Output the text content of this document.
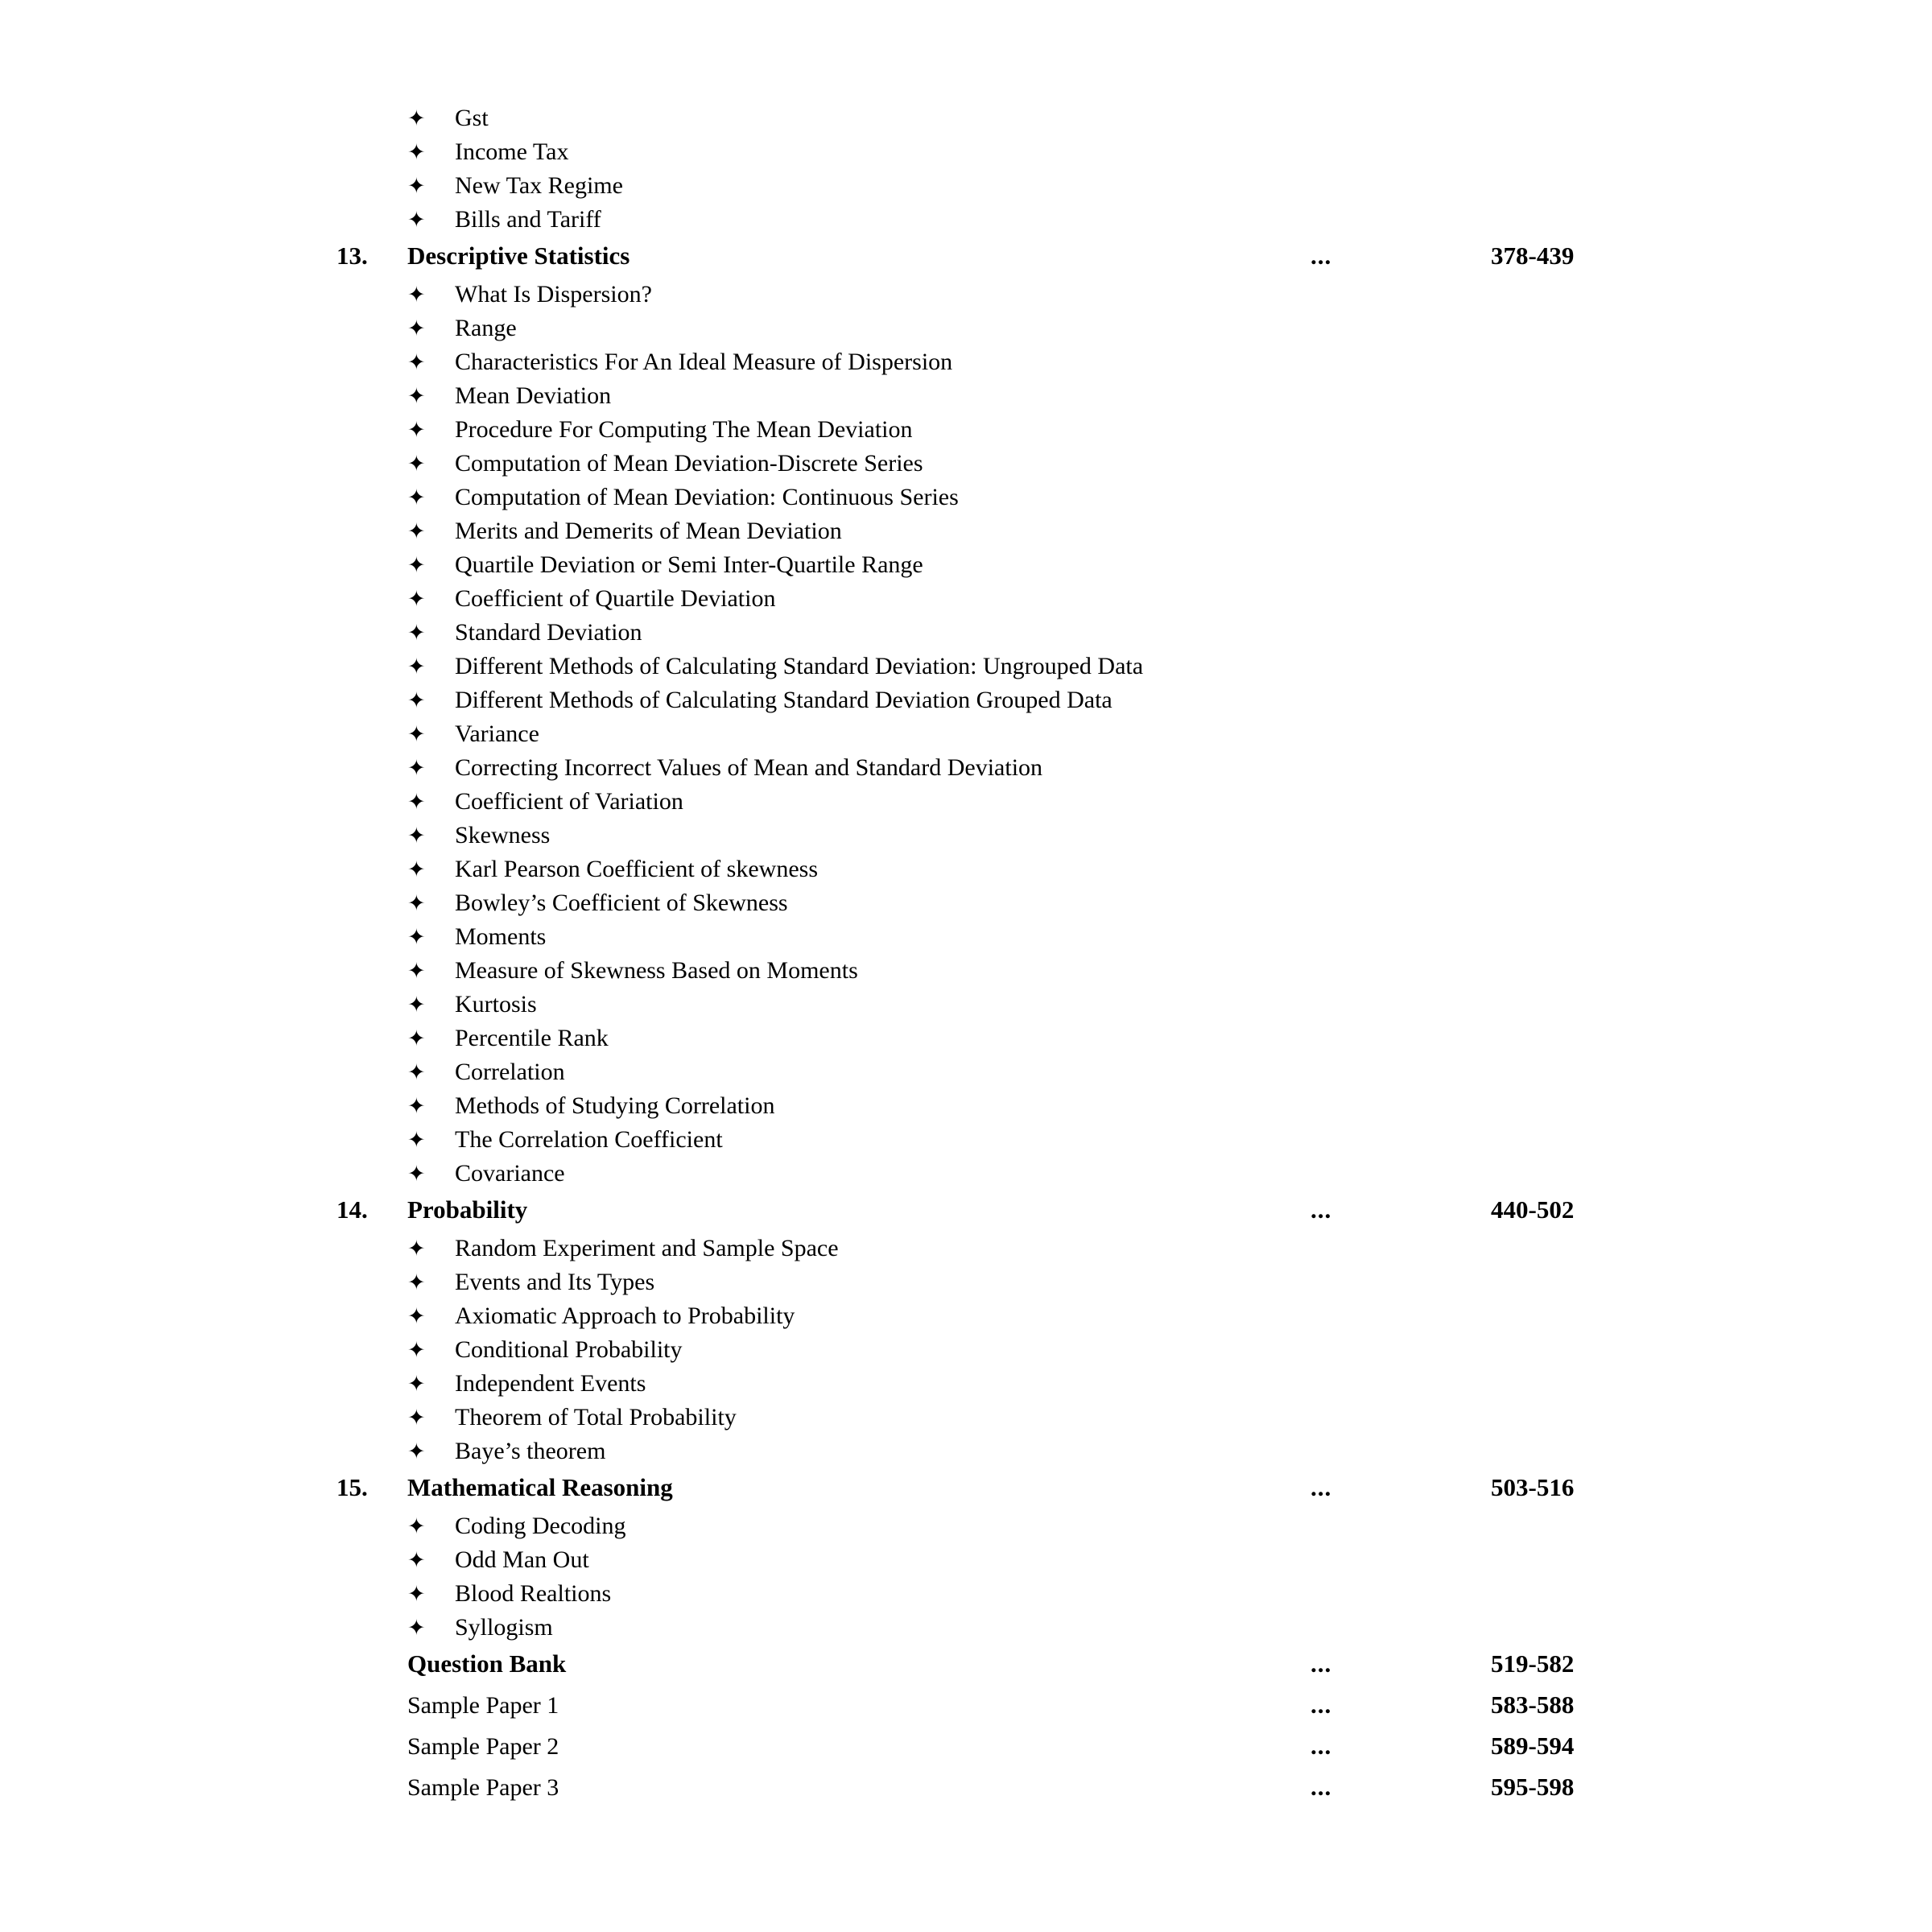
✦	Gst
✦	Income Tax
✦	New Tax Regime
✦	Bills and Tariff
13.	Descriptive Statistics	...	378-439
✦	What Is Dispersion?
✦	Range
✦	Characteristics For An Ideal Measure of Dispersion
✦	Mean Deviation
✦	Procedure For Computing The Mean Deviation
✦	Computation of Mean Deviation-Discrete Series
✦	Computation of Mean Deviation: Continuous Series
✦	Merits and Demerits of Mean Deviation
✦	Quartile Deviation or Semi Inter-Quartile Range
✦	Coefficient of Quartile Deviation
✦	Standard Deviation
✦	Different Methods of Calculating Standard Deviation: Ungrouped Data
✦	Different Methods of Calculating Standard Deviation Grouped Data
✦	Variance
✦	Correcting Incorrect Values of Mean and Standard Deviation
✦	Coefficient of Variation
✦	Skewness
✦	Karl Pearson Coefficient of skewness
✦	Bowley’s Coefficient of Skewness
✦	Moments
✦	Measure of Skewness Based on Moments
✦	Kurtosis
✦	Percentile Rank
✦	Correlation
✦	Methods of Studying Correlation
✦	The Correlation Coefficient
✦	Covariance
14.	Probability	...	440-502
✦	Random Experiment and Sample Space
✦	Events and Its Types
✦	Axiomatic Approach to Probability
✦	Conditional Probability
✦	Independent Events
✦	Theorem of Total Probability
✦	Baye’s theorem
15.	Mathematical Reasoning	...	503-516
✦	Coding Decoding
✦	Odd Man Out
✦	Blood Realtions
✦	Syllogism
Question Bank	...	519-582
Sample Paper 1	...	583-588
Sample Paper 2	...	589-594
Sample Paper 3	...	595-598
